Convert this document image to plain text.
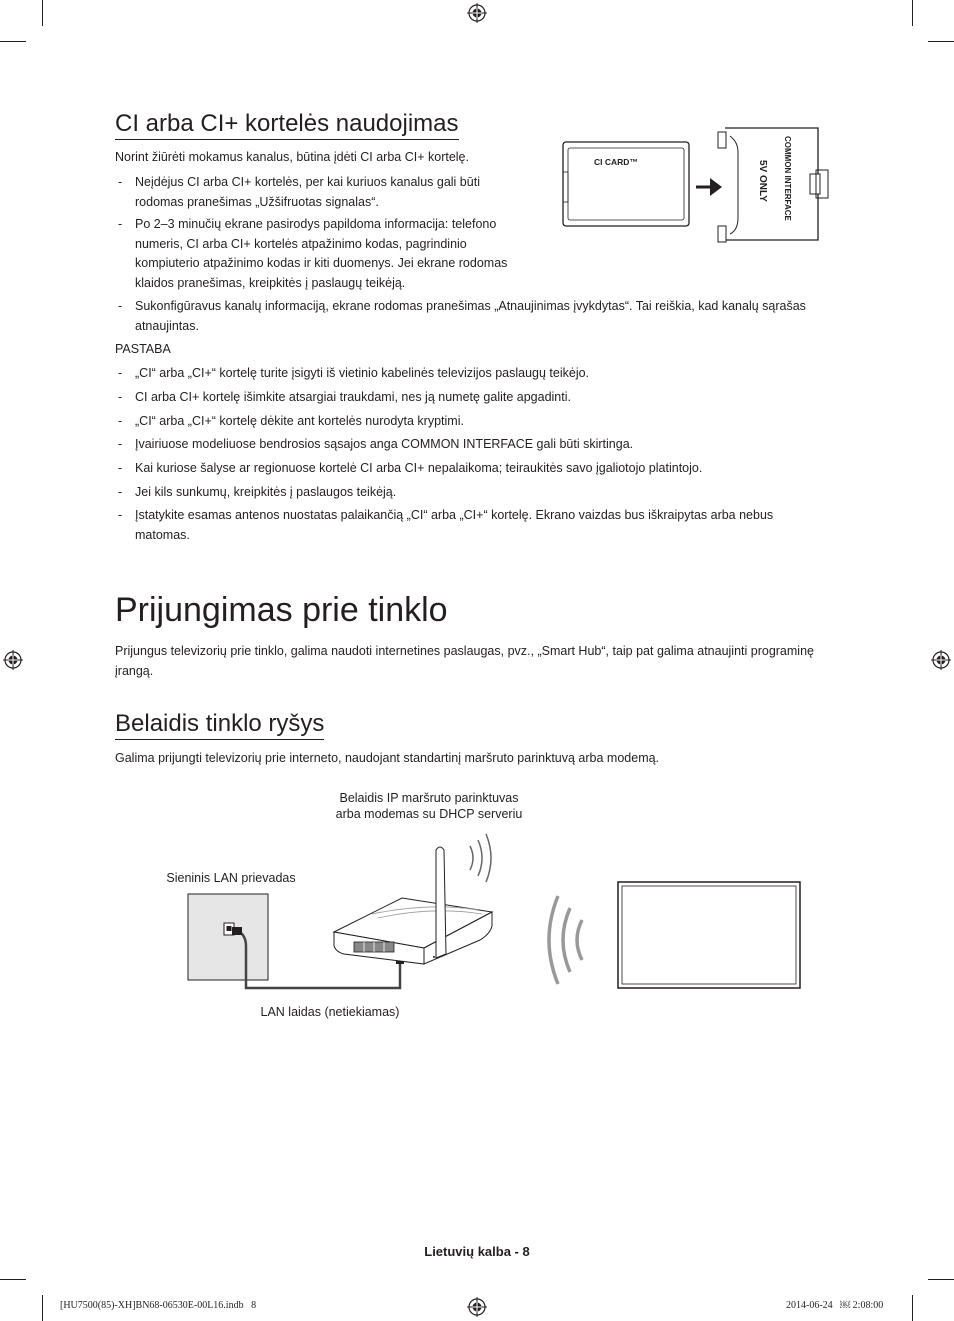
CI arba CI+ kortelės naudojimas

Norint žiūrėti mokamus kanalus, būtina įdėti CI arba CI+ kortelę.

- Neįdėjus CI arba CI+ kortelės, per kai kuriuos kanalus gali būti rodomas pranešimas „Užšifruotas signalas“.
- Po 2–3 minučių ekrane pasirodys papildoma informacija: telefono numeris, CI arba CI+ kortelės atpažinimo kodas, pagrindinio kompiuterio atpažinimo kodas ir kiti duomenys. Jei ekrane rodomas klaidos pranešimas, kreipkitės į paslaugų teikėją.
- Sukonfigūravus kanalų informaciją, ekrane rodomas pranešimas „Atnaujinimas įvykdytas“. Tai reiškia, kad kanalų sąrašas atnaujintas.
PASTABA
- „CI“ arba „CI+“ kortelę turite įsigyti iš vietinio kabelinės televizijos paslaugų teikėjo.
- CI arba CI+ kortelę išimkite atsargiai traukdami, nes ją numetę galite apgadinti.
- „CI“ arba „CI+“ kortelę dėkite ant kortelės nurodyta kryptimi.
- Įvairiuose modeliuose bendrosios sąsajos anga COMMON INTERFACE gali būti skirtinga.
- Kai kuriose šalyse ar regionuose kortelė CI arba CI+ nepalaikoma; teiraukitės savo įgaliotojo platintojo.
- Jei kils sunkumų, kreipkitės į paslaugos teikėją.
- Įstatykite esamas antenos nuostatas palaikančią „CI“ arba „CI+“ kortelę. Ekrano vaizdas bus iškraipytas arba nebus matomas.
CI CARD™	COMMON INTERFACE
5V ONLY
Prijungimas prie tinklo

Prijungus televizorių prie tinklo, galima naudoti internetines paslaugas, pvz., „Smart Hub“, taip pat galima atnaujinti programinę įrangą.

Belaidis tinklo ryšys

Galima prijungti televizorių prie interneto, naudojant standartinį maršruto parinktuvą arba modemą.

Belaidis IP maršruto parinktuvas
arba modemas su DHCP serveriu
Sieninis LAN prievadas
LAN laidas (netiekiamas)
Lietuvių kalba - 8
[HU7500(85)-XH]BN68-06530E-00L16.indb   8	2014-06-24   ￼ 2:08:00
